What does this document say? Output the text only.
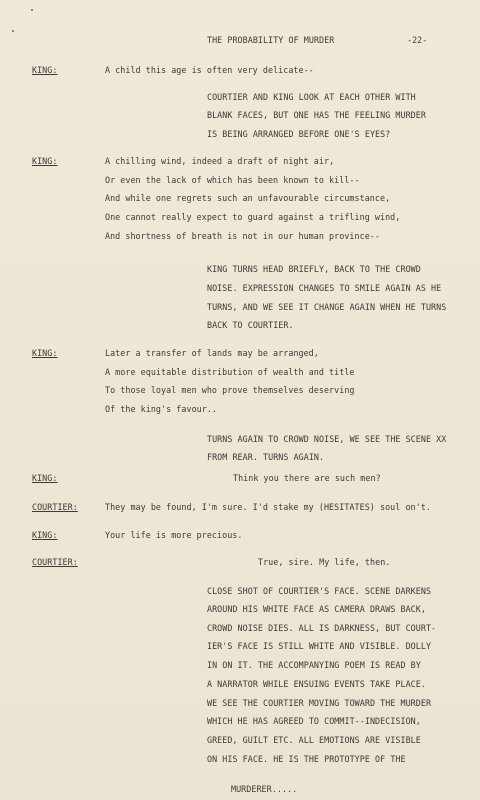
THE PROBABILITY OF MURDER	-22-
KING:	A child this age is often very delicate--
COURTIER AND KING LOOK AT EACH OTHER WITH
BLANK FACES, BUT ONE HAS THE FEELING MURDER
IS BEING ARRANGED BEFORE ONE'S EYES?
KING:	A chilling wind, indeed a draft of night air,
Or even the lack of which has been known to kill--
And while one regrets such an unfavourable circumstance,
One cannot really expect to guard against a trifling wind,
And shortness of breath is not in our human province--
KING TURNS HEAD BRIEFLY, BACK TO THE CROWD
NOISE. EXPRESSION CHANGES TO SMILE AGAIN AS HE
TURNS, AND WE SEE IT CHANGE AGAIN WHEN HE TURNS
BACK TO COURTIER.
KING:	Later a transfer of lands may be arranged,
A more equitable distribution of wealth and title
To those loyal men who prove themselves deserving
Of the king's favour..
TURNS AGAIN TO CROWD NOISE, WE SEE THE SCENE XX
FROM REAR. TURNS AGAIN.
KING:	Think you there are such men?
COURTIER:	They may be found, I'm sure. I'd stake my (HESITATES) soul on't.
KING:	Your life is more precious.
COURTIER:	True, sire. My life, then.
CLOSE SHOT OF COURTIER'S FACE. SCENE DARKENS
AROUND HIS WHITE FACE AS CAMERA DRAWS BACK,
CROWD NOISE DIES. ALL IS DARKNESS, BUT COURT-
IER'S FACE IS STILL WHITE AND VISIBLE. DOLLY
IN ON IT. THE ACCOMPANYING POEM IS READ BY
A NARRATOR WHILE ENSUING EVENTS TAKE PLACE.
WE SEE THE COURTIER MOVING TOWARD THE MURDER
WHICH HE HAS AGREED TO COMMIT--INDECISION,
GREED, GUILT ETC. ALL EMOTIONS ARE VISIBLE
ON HIS FACE. HE IS THE PROTOTYPE OF THE
MURDERER.....
